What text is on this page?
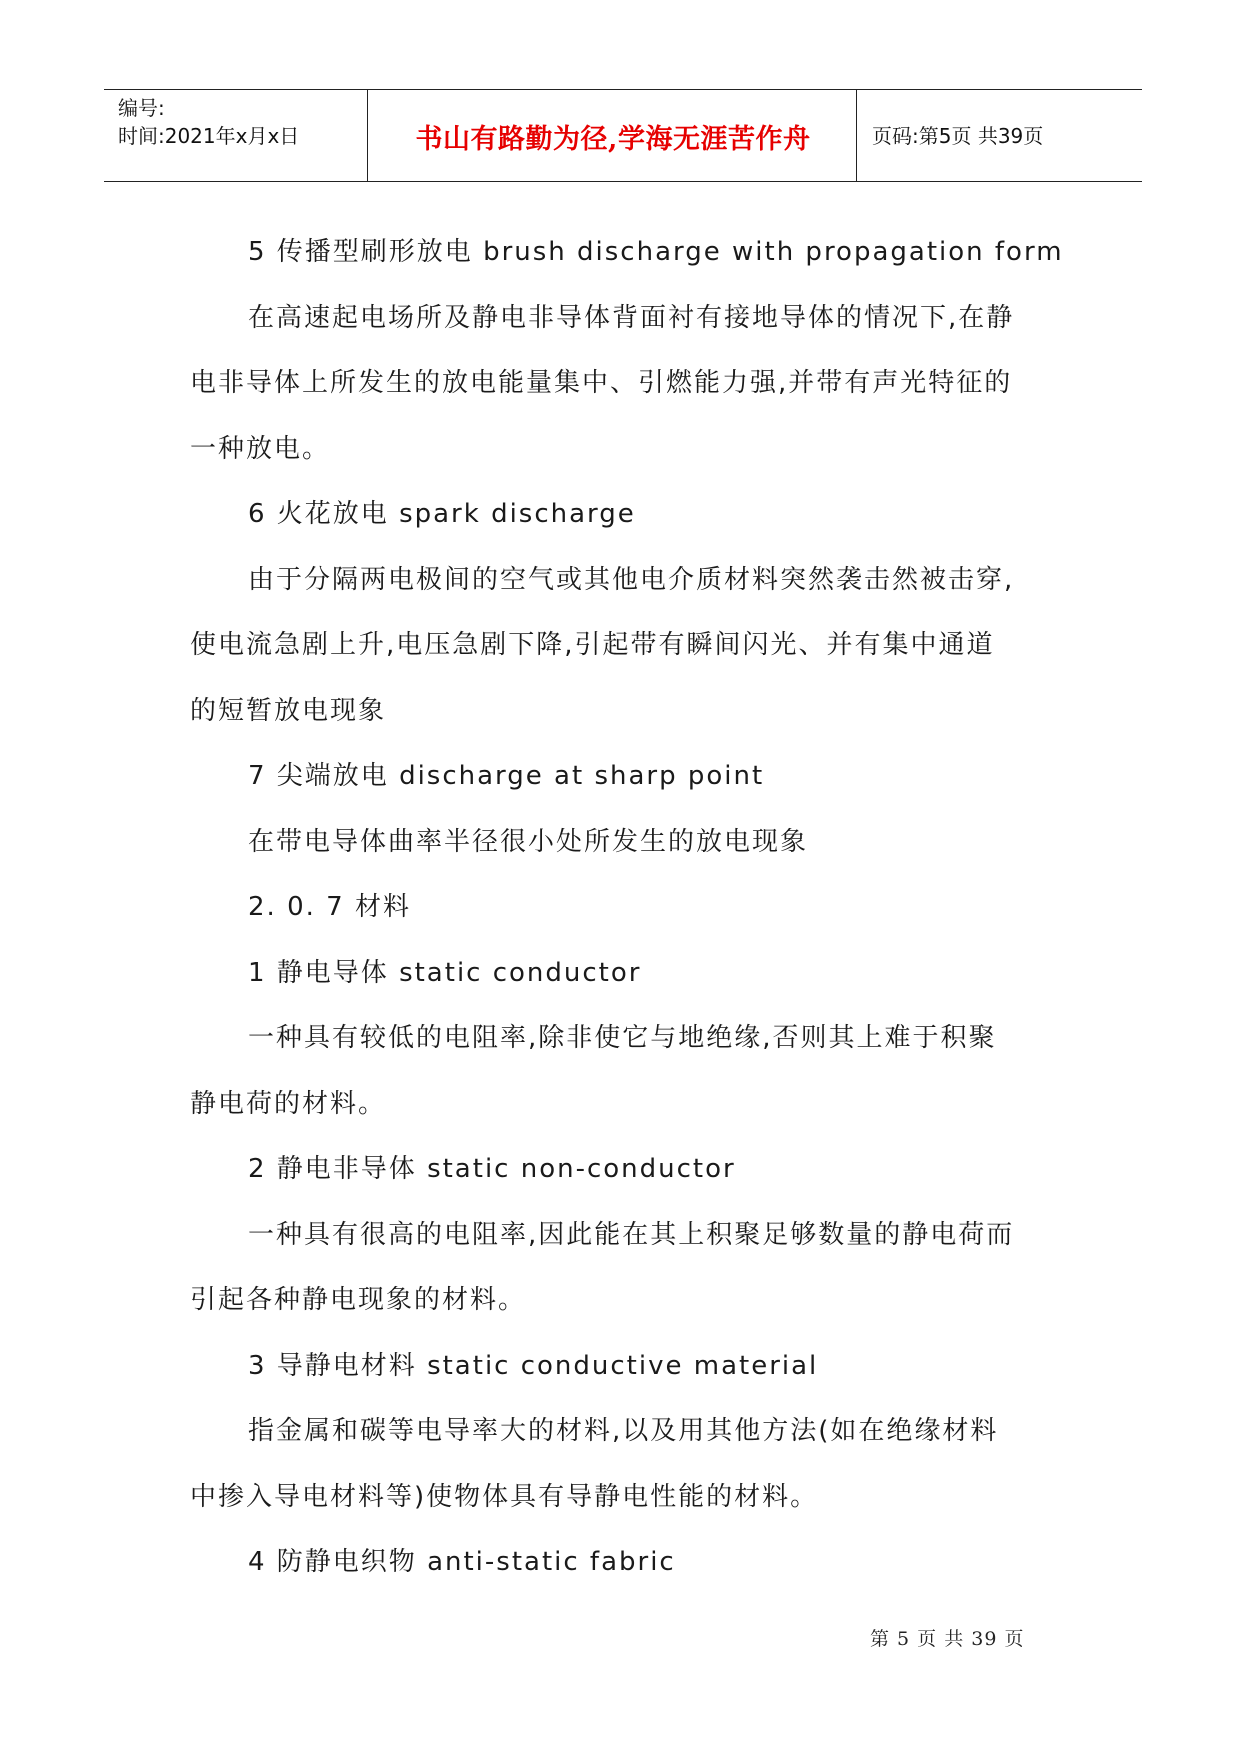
编号:
时间:2021年x月x日	书山有路勤为径,学海无涯苦作舟	页码:第5页 共39页

5 传播型刷形放电 brush discharge with propagation form

在高速起电场所及静电非导体背面衬有接地导体的情况下,在静

电非导体上所发生的放电能量集中、引燃能力强,并带有声光特征的

一种放电。

6 火花放电 spark discharge

由于分隔两电极间的空气或其他电介质材料突然袭击然被击穿,

使电流急剧上升,电压急剧下降,引起带有瞬间闪光、并有集中通道

的短暂放电现象

7 尖端放电 discharge at sharp point

在带电导体曲率半径很小处所发生的放电现象

2. 0. 7 材料

1 静电导体 static conductor

一种具有较低的电阻率,除非使它与地绝缘,否则其上难于积聚

静电荷的材料。

2 静电非导体 static non-conductor

一种具有很高的电阻率,因此能在其上积聚足够数量的静电荷而

引起各种静电现象的材料。

3 导静电材料 static conductive material

指金属和碳等电导率大的材料,以及用其他方法(如在绝缘材料

中掺入导电材料等)使物体具有导静电性能的材料。

4 防静电织物 anti-static fabric

第 5 页 共 39 页
